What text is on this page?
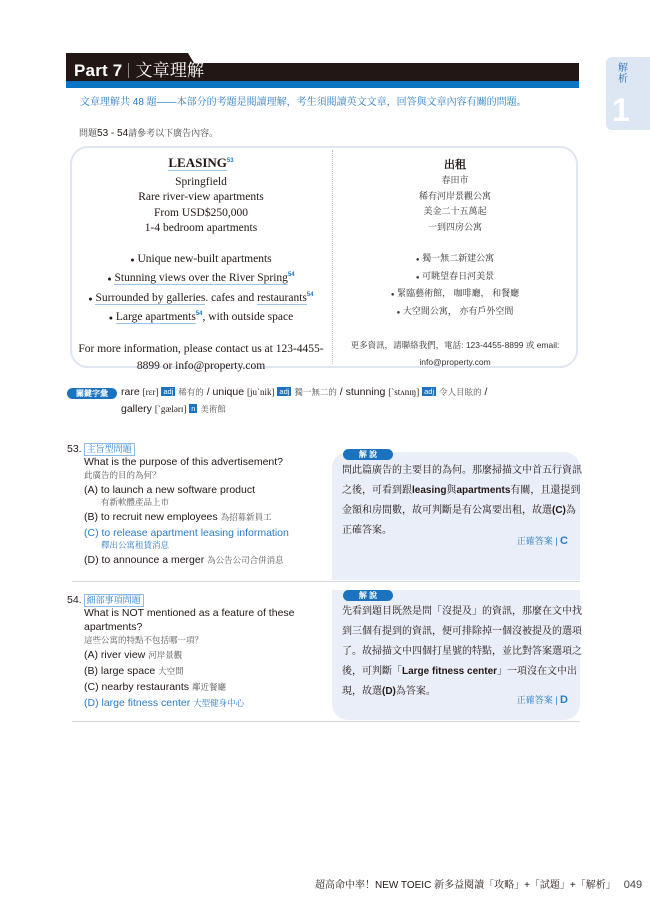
Part 7 文章理解	解析
1
文章理解共 48 題——本部分的考題是閱讀理解，考生須閱讀英文文章，回答與文章內容有關的問題。
問題53 - 54請參考以下廣告內容。
LEASING$^{53}$
Springfield
Rare river-view apartments
From USD$250,000
1-4 bedroom apartments
● Unique new-built apartments
● Stunning views over the River Spring$^{54}$
● Surrounded by galleries. cafes and restaurants$^{54}$
● Large apartments$^{54}$, with outside space
For more information, please contact us at 123-4455-
8899 or info@property.com
出租
春田市
稀有河岸景觀公寓
美金二十五萬起
一到四房公寓
● 獨一無二新建公寓
● 可眺望春日河美景
● 緊臨藝術館， 咖啡廳， 和餐廳
● 大空間公寓， 亦有戶外空間
更多資訊，請聯絡我們，電話: 123-4455-8899 或 email:
info@property.com
關鍵字彙	rare [rɛr] adj 稀有的 / unique [juˋnik] adj 獨一無二的 / stunning [ˋstʌnɪŋ] adj 令人目眩的 /
gallery [ˋgælərɪ] n 美術館
53. 主旨型問題
What is the purpose of this advertisement?
此廣告的目的為何？
(A) to launch a new software product
有新軟體產品上市
(B) to recruit new employees 為招募新員工
(C) to release apartment leasing information
釋出公寓租賃消息
(D) to announce a merger 為公告公司合併消息
解 說
問此篇廣告的主要目的為何。那麼掃描文中首五行資訊之後，可看到跟leasing與apartments有關，且還提到金額和房間數，故可判斷是有公寓要出租，故選(C)為正確答案。
正確答案 | C
54. 細部事項問題
What is NOT mentioned as a feature of these apartments?
這些公寓的特點不包括哪一項？
(A) river view 河岸景觀
(B) large space 大空間
(C) nearby restaurants 鄰近餐廳
(D) large fitness center 大型健身中心
解 說
先看到題目既然是問「沒提及」的資訊，那麼在文中找到三個有提到的資訊，便可排除掉一個沒被提及的選項了。故掃描文中四個打星號的特點，並比對答案選項之後，可判斷「Large fitness center」一項沒在文中出現，故選(D)為答案。
正確答案 | D
超高命中率！NEW TOEIC 新多益閱讀「攻略」+「試題」+「解析」 049
